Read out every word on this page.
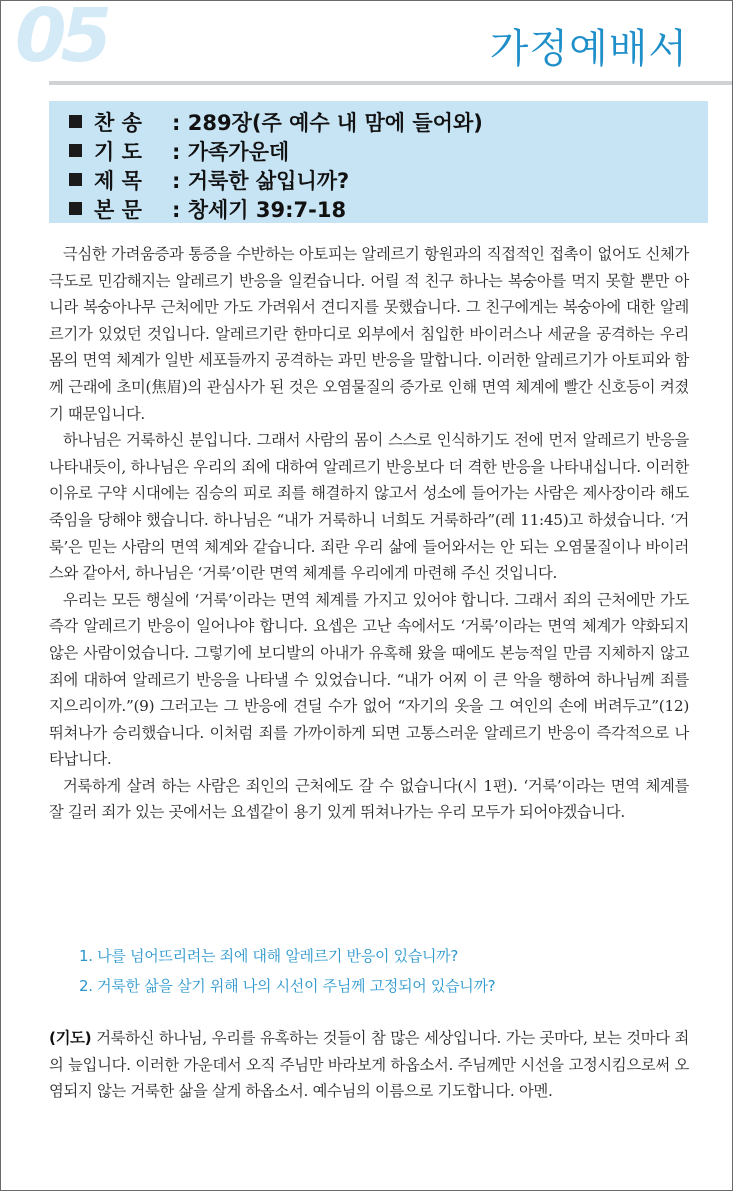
05	가정예배서
찬 송 : 289장(주 예수 내 맘에 들어와)
기 도 : 가족가운데
제 목 : 거룩한 삶입니까?
본 문 : 창세기 39:7-18

극심한 가려움증과 통증을 수반하는 아토피는 알레르기 항원과의 직접적인 접촉이 없어도 신체가 극도로 민감해지는 알레르기 반응을 일컫습니다. 어릴 적 친구 하나는 복숭아를 먹지 못할 뿐만 아니라 복숭아나무 근처에만 가도 가려워서 견디지를 못했습니다. 그 친구에게는 복숭아에 대한 알레르기가 있었던 것입니다. 알레르기란 한마디로 외부에서 침입한 바이러스나 세균을 공격하는 우리 몸의 면역 체계가 일반 세포들까지 공격하는 과민 반응을 말합니다. 이러한 알레르기가 아토피와 함께 근래에 초미(焦眉)의 관심사가 된 것은 오염물질의 증가로 인해 면역 체계에 빨간 신호등이 켜졌기 때문입니다.

하나님은 거룩하신 분입니다. 그래서 사람의 몸이 스스로 인식하기도 전에 먼저 알레르기 반응을 나타내듯이, 하나님은 우리의 죄에 대하여 알레르기 반응보다 더 격한 반응을 나타내십니다. 이러한 이유로 구약 시대에는 짐승의 피로 죄를 해결하지 않고서 성소에 들어가는 사람은 제사장이라 해도 죽임을 당해야 했습니다. 하나님은 “내가 거룩하니 너희도 거룩하라”(레 11:45)고 하셨습니다. ‘거룩’은 믿는 사람의 면역 체계와 같습니다. 죄란 우리 삶에 들어와서는 안 되는 오염물질이나 바이러스와 같아서, 하나님은 ‘거룩’이란 면역 체계를 우리에게 마련해 주신 것입니다.

우리는 모든 행실에 ‘거룩’이라는 면역 체계를 가지고 있어야 합니다. 그래서 죄의 근처에만 가도 즉각 알레르기 반응이 일어나야 합니다. 요셉은 고난 속에서도 ‘거룩’이라는 면역 체계가 약화되지 않은 사람이었습니다. 그렇기에 보디발의 아내가 유혹해 왔을 때에도 본능적일 만큼 지체하지 않고 죄에 대하여 알레르기 반응을 나타낼 수 있었습니다. “내가 어찌 이 큰 악을 행하여 하나님께 죄를 지으리이까.”(9) 그러고는 그 반응에 견딜 수가 없어 “자기의 옷을 그 여인의 손에 버려두고”(12) 뛰쳐나가 승리했습니다. 이처럼 죄를 가까이하게 되면 고통스러운 알레르기 반응이 즉각적으로 나타납니다.

거룩하게 살려 하는 사람은 죄인의 근처에도 갈 수 없습니다(시 1편). ‘거룩’이라는 면역 체계를 잘 길러 죄가 있는 곳에서는 요셉같이 용기 있게 뛰쳐나가는 우리 모두가 되어야겠습니다.

1. 나를 넘어뜨리려는 죄에 대해 알레르기 반응이 있습니까?
2. 거룩한 삶을 살기 위해 나의 시선이 주님께 고정되어 있습니까?
(기도) 거룩하신 하나님, 우리를 유혹하는 것들이 참 많은 세상입니다. 가는 곳마다, 보는 것마다 죄의 늪입니다. 이러한 가운데서 오직 주님만 바라보게 하옵소서. 주님께만 시선을 고정시킴으로써 오염되지 않는 거룩한 삶을 살게 하옵소서. 예수님의 이름으로 기도합니다. 아멘.
